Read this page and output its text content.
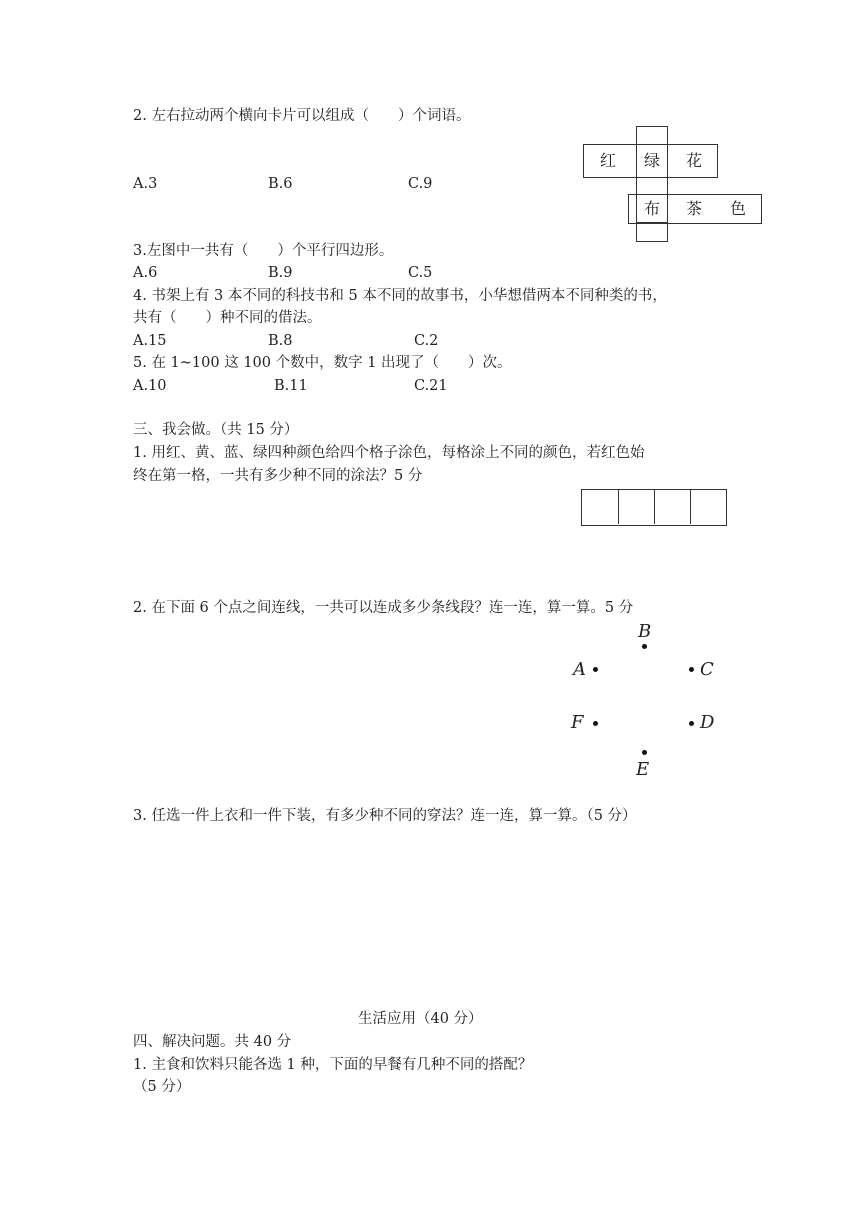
2. 左右拉动两个横向卡片可以组成（　　）个词语。
A.3	B.6	C.9
红	绿	花
布	茶	色
3.左图中一共有（　　）个平行四边形。
A.6	B.9	C.5
4. 书架上有 3 本不同的科技书和 5 本不同的故事书，小华想借两本不同种类的书，
共有（　　）种不同的借法。
A.15	B.8	C.2
5. 在 1~100 这 100 个数中，数字 1 出现了（　　）次。
A.10	B.11	C.21
三、我会做。（共 15 分）
1. 用红、黄、蓝、绿四种颜色给四个格子涂色，每格涂上不同的颜色，若红色始
终在第一格，一共有多少种不同的涂法？5 分
2. 在下面 6 个点之间连线，一共可以连成多少条线段？连一连，算一算。5 分
B
A	C
F	D
E
3. 任选一件上衣和一件下装，有多少种不同的穿法？连一连，算一算。（5 分）
生活应用（40 分）
四、解决问题。共 40 分
1. 主食和饮料只能各选 1 种，下面的早餐有几种不同的搭配？
（5 分）
